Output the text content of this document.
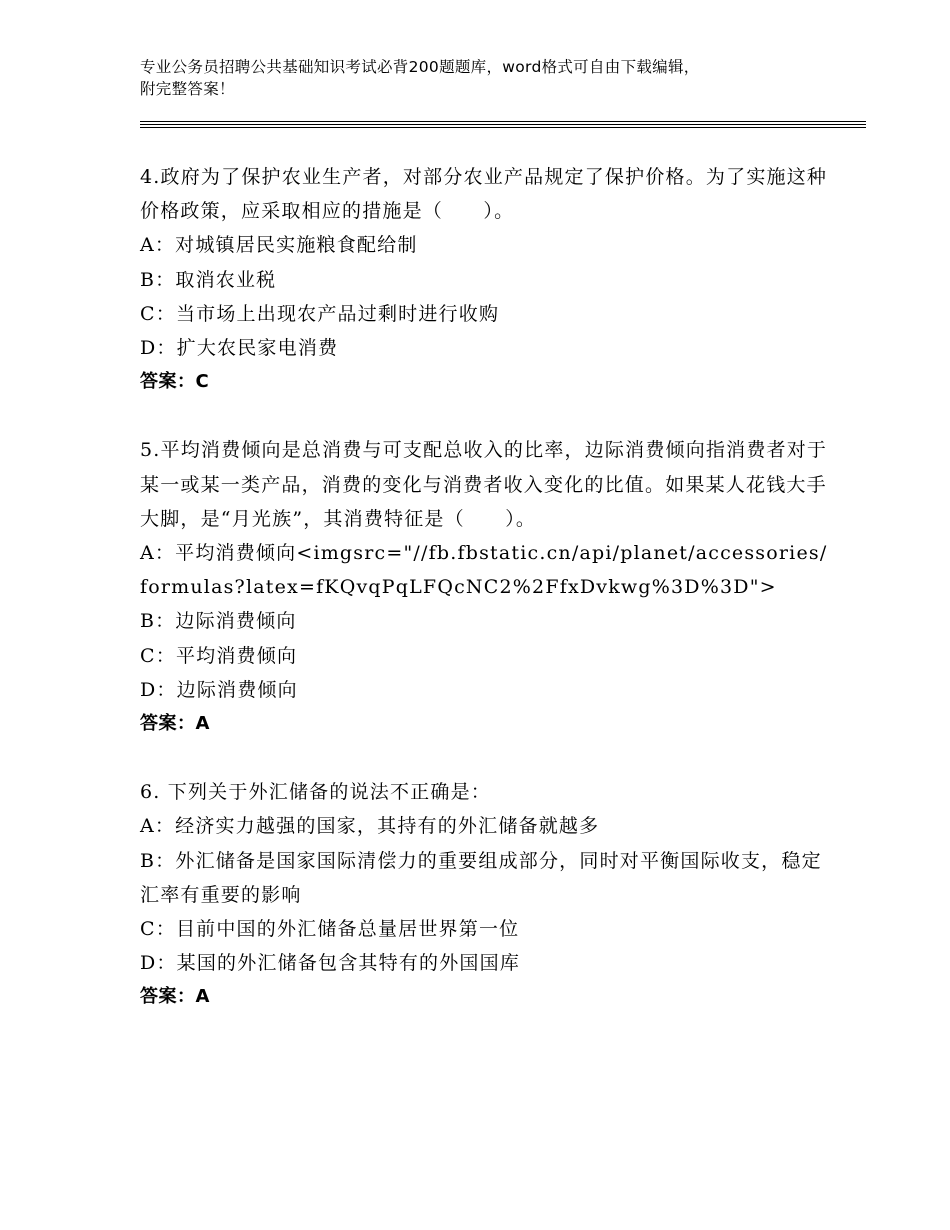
专业公务员招聘公共基础知识考试必背200题题库，word格式可自由下载编辑，
附完整答案！

4.政府为了保护农业生产者，对部分农业产品规定了保护价格。为了实施这种价格政策，应采取相应的措施是（　　）。

A：对城镇居民实施粮食配给制

B：取消农业税

C：当市场上出现农产品过剩时进行收购

D：扩大农民家电消费

答案：C

5.平均消费倾向是总消费与可支配总收入的比率，边际消费倾向指消费者对于某一或某一类产品，消费的变化与消费者收入变化的比值。如果某人花钱大手大脚，是“月光族”，其消费特征是（　　）。

A：平均消费倾向<imgsrc="//fb.fbstatic.cn/api/planet/accessories/formulas?latex=fKQvqPqLFQcNC2%2FfxDvkwg%3D%3D">

B：边际消费倾向

C：平均消费倾向

D：边际消费倾向

答案：A

6. 下列关于外汇储备的说法不正确是：

A：经济实力越强的国家，其持有的外汇储备就越多

B：外汇储备是国家国际清偿力的重要组成部分，同时对平衡国际收支，稳定汇率有重要的影响

C：目前中国的外汇储备总量居世界第一位

D：某国的外汇储备包含其特有的外国国库

答案：A
